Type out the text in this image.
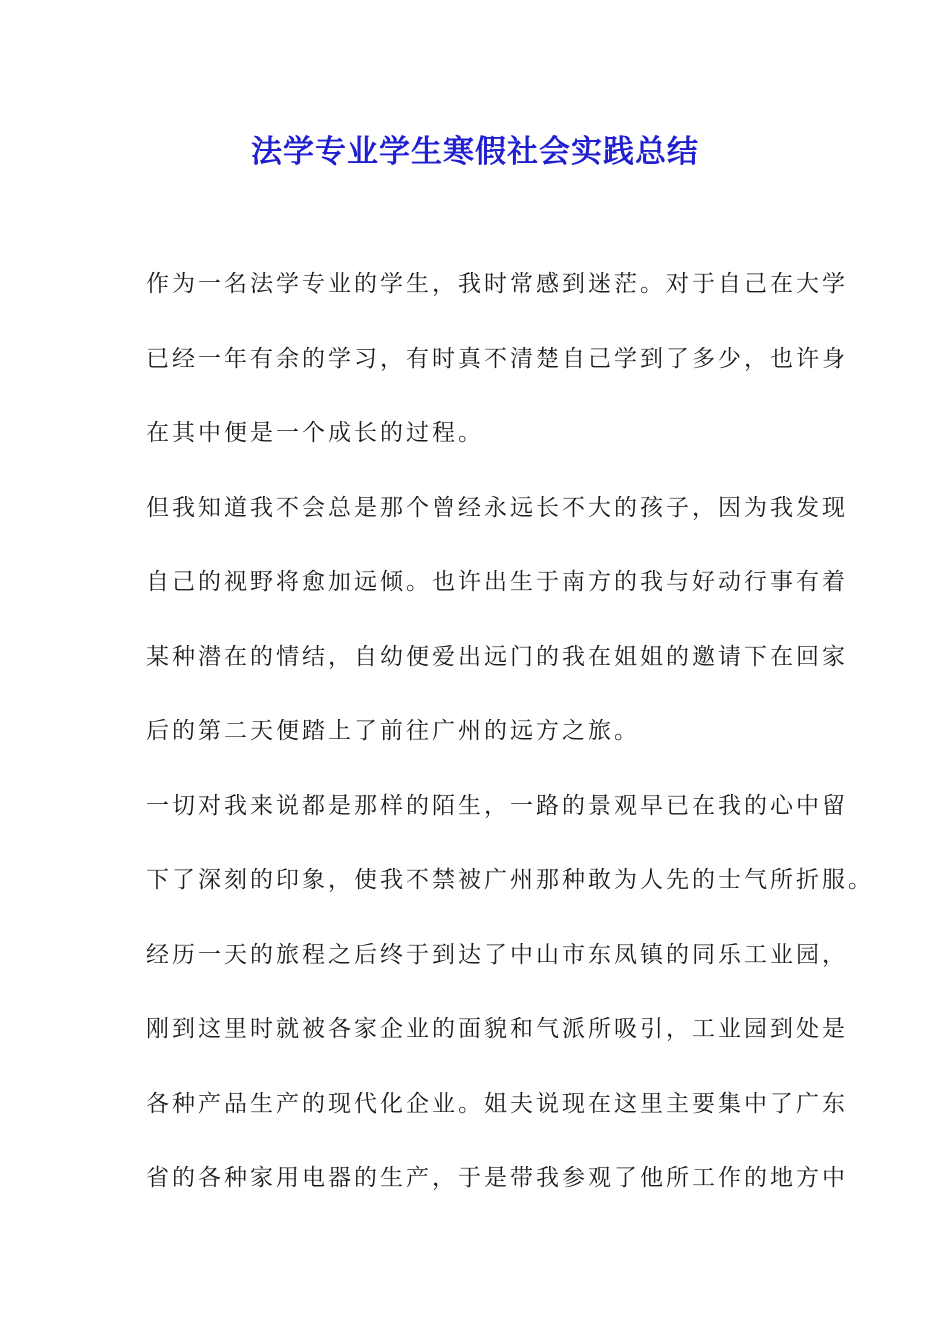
法学专业学生寒假社会实践总结
作为一名法学专业的学生，我时常感到迷茫。对于自己在大学
已经一年有余的学习，有时真不清楚自己学到了多少，也许身
在其中便是一个成长的过程。
但我知道我不会总是那个曾经永远长不大的孩子，因为我发现
自己的视野将愈加远倾。也许出生于南方的我与好动行事有着
某种潜在的情结，自幼便爱出远门的我在姐姐的邀请下在回家
后的第二天便踏上了前往广州的远方之旅。
一切对我来说都是那样的陌生，一路的景观早已在我的心中留
下了深刻的印象，使我不禁被广州那种敢为人先的士气所折服。
经历一天的旅程之后终于到达了中山市东凤镇的同乐工业园，
刚到这里时就被各家企业的面貌和气派所吸引，工业园到处是
各种产品生产的现代化企业。姐夫说现在这里主要集中了广东
省的各种家用电器的生产，于是带我参观了他所工作的地方中
